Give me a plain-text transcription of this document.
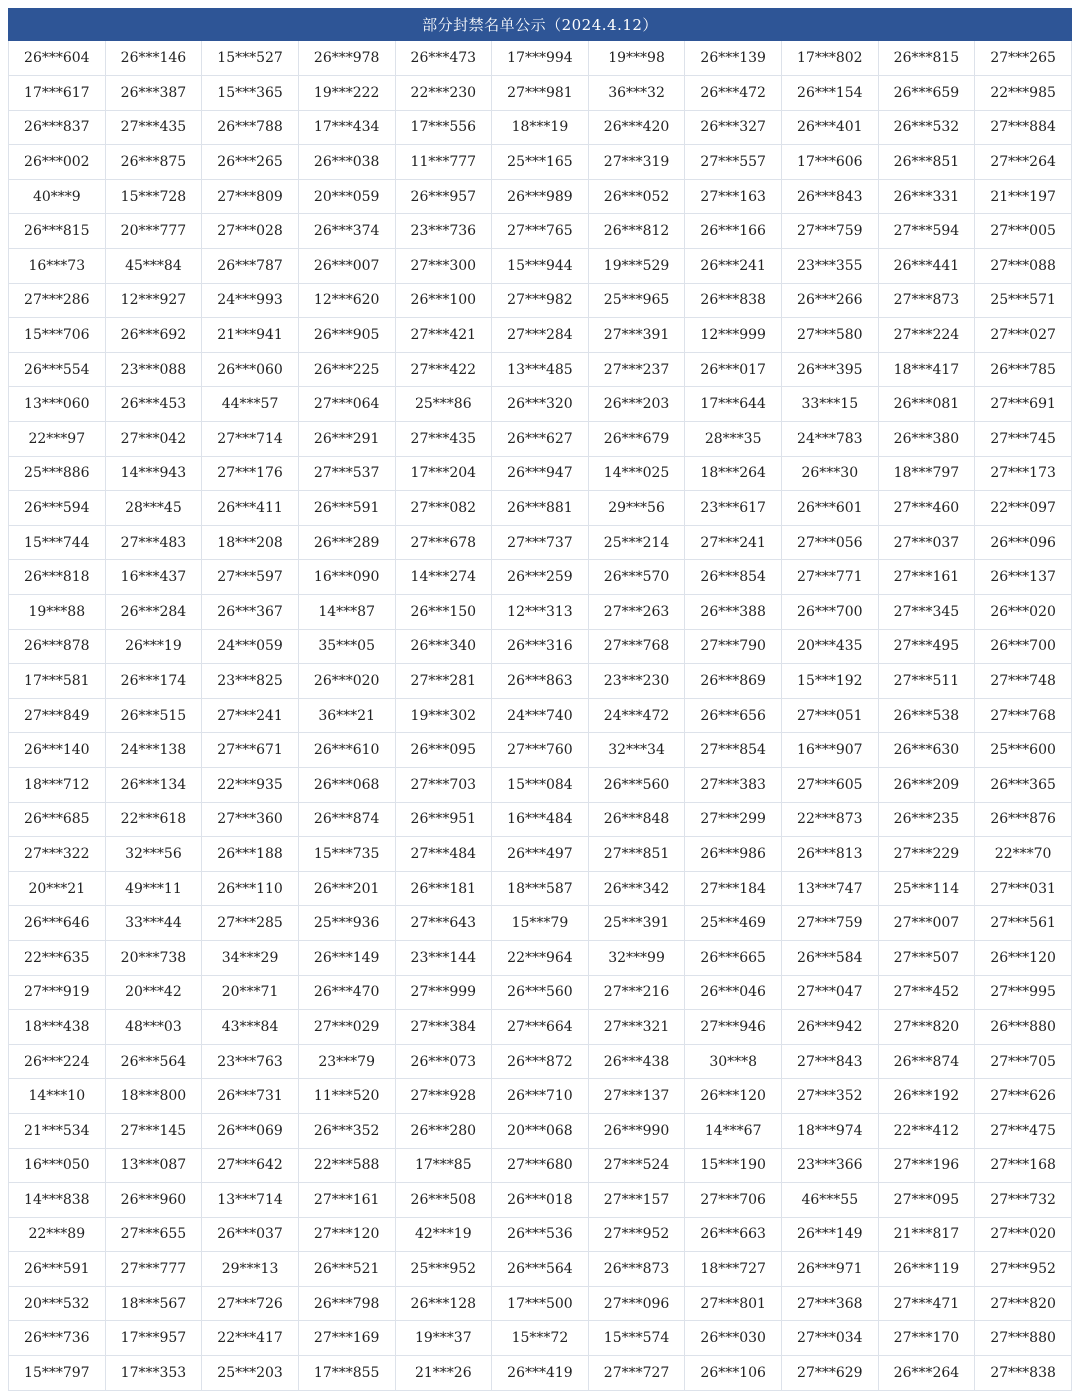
部分封禁名单公示（2024.4.12）
26***604	26***146	15***527	26***978	26***473	17***994	19***98	26***139	17***802	26***815	27***265
17***617	26***387	15***365	19***222	22***230	27***981	36***32	26***472	26***154	26***659	22***985
26***837	27***435	26***788	17***434	17***556	18***19	26***420	26***327	26***401	26***532	27***884
26***002	26***875	26***265	26***038	11***777	25***165	27***319	27***557	17***606	26***851	27***264
40***9	15***728	27***809	20***059	26***957	26***989	26***052	27***163	26***843	26***331	21***197
26***815	20***777	27***028	26***374	23***736	27***765	26***812	26***166	27***759	27***594	27***005
16***73	45***84	26***787	26***007	27***300	15***944	19***529	26***241	23***355	26***441	27***088
27***286	12***927	24***993	12***620	26***100	27***982	25***965	26***838	26***266	27***873	25***571
15***706	26***692	21***941	26***905	27***421	27***284	27***391	12***999	27***580	27***224	27***027
26***554	23***088	26***060	26***225	27***422	13***485	27***237	26***017	26***395	18***417	26***785
13***060	26***453	44***57	27***064	25***86	26***320	26***203	17***644	33***15	26***081	27***691
22***97	27***042	27***714	26***291	27***435	26***627	26***679	28***35	24***783	26***380	27***745
25***886	14***943	27***176	27***537	17***204	26***947	14***025	18***264	26***30	18***797	27***173
26***594	28***45	26***411	26***591	27***082	26***881	29***56	23***617	26***601	27***460	22***097
15***744	27***483	18***208	26***289	27***678	27***737	25***214	27***241	27***056	27***037	26***096
26***818	16***437	27***597	16***090	14***274	26***259	26***570	26***854	27***771	27***161	26***137
19***88	26***284	26***367	14***87	26***150	12***313	27***263	26***388	26***700	27***345	26***020
26***878	26***19	24***059	35***05	26***340	26***316	27***768	27***790	20***435	27***495	26***700
17***581	26***174	23***825	26***020	27***281	26***863	23***230	26***869	15***192	27***511	27***748
27***849	26***515	27***241	36***21	19***302	24***740	24***472	26***656	27***051	26***538	27***768
26***140	24***138	27***671	26***610	26***095	27***760	32***34	27***854	16***907	26***630	25***600
18***712	26***134	22***935	26***068	27***703	15***084	26***560	27***383	27***605	26***209	26***365
26***685	22***618	27***360	26***874	26***951	16***484	26***848	27***299	22***873	26***235	26***876
27***322	32***56	26***188	15***735	27***484	26***497	27***851	26***986	26***813	27***229	22***70
20***21	49***11	26***110	26***201	26***181	18***587	26***342	27***184	13***747	25***114	27***031
26***646	33***44	27***285	25***936	27***643	15***79	25***391	25***469	27***759	27***007	27***561
22***635	20***738	34***29	26***149	23***144	22***964	32***99	26***665	26***584	27***507	26***120
27***919	20***42	20***71	26***470	27***999	26***560	27***216	26***046	27***047	27***452	27***995
18***438	48***03	43***84	27***029	27***384	27***664	27***321	27***946	26***942	27***820	26***880
26***224	26***564	23***763	23***79	26***073	26***872	26***438	30***8	27***843	26***874	27***705
14***10	18***800	26***731	11***520	27***928	26***710	27***137	26***120	27***352	26***192	27***626
21***534	27***145	26***069	26***352	26***280	20***068	26***990	14***67	18***974	22***412	27***475
16***050	13***087	27***642	22***588	17***85	27***680	27***524	15***190	23***366	27***196	27***168
14***838	26***960	13***714	27***161	26***508	26***018	27***157	27***706	46***55	27***095	27***732
22***89	27***655	26***037	27***120	42***19	26***536	27***952	26***663	26***149	21***817	27***020
26***591	27***777	29***13	26***521	25***952	26***564	26***873	18***727	26***971	26***119	27***952
20***532	18***567	27***726	26***798	26***128	17***500	27***096	27***801	27***368	27***471	27***820
26***736	17***957	22***417	27***169	19***37	15***72	15***574	26***030	27***034	27***170	27***880
15***797	17***353	25***203	17***855	21***26	26***419	27***727	26***106	27***629	26***264	27***838
